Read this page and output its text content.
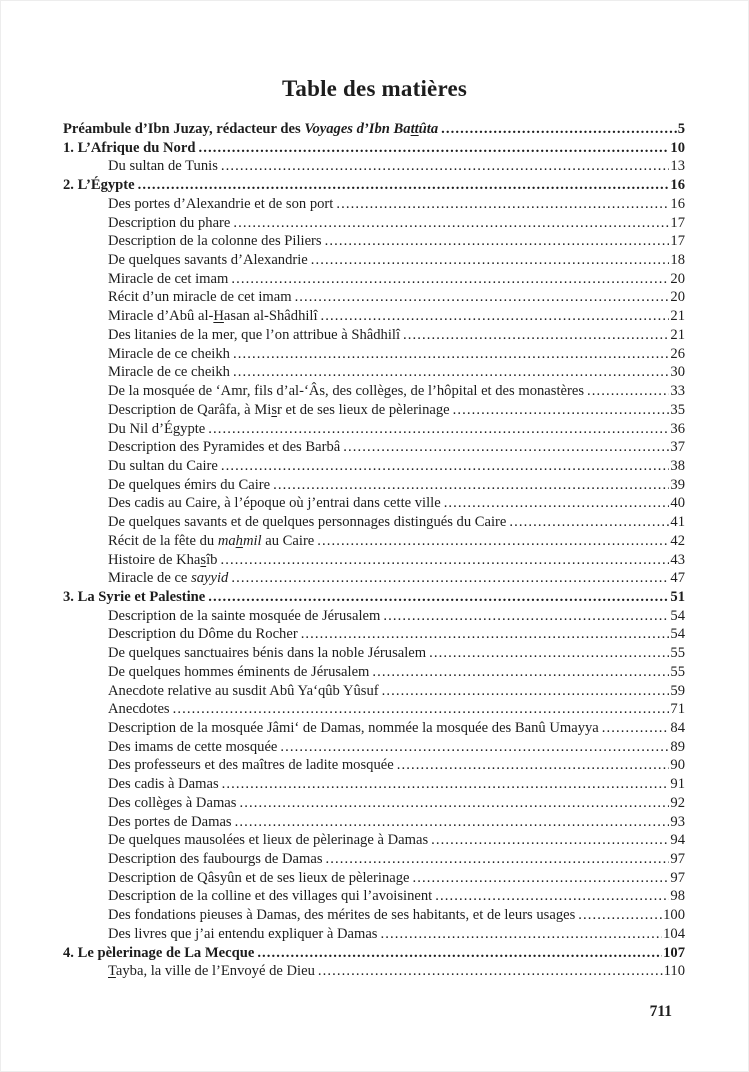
Table des matières
Préambule d’Ibn Juzay, rédacteur des Voyages d’Ibn Battûta .....	5
1. L’Afrique du Nord .....	10
Du sultan de Tunis .....	13
2. L’Égypte .....	16
Des portes d’Alexandrie et de son port .....	16
Description du phare .....	17
Description de la colonne des Piliers .....	17
De quelques savants d’Alexandrie .....	18
Miracle de cet imam .....	20
Récit d’un miracle de cet imam .....	20
Miracle d’Abû al-Hasan al-Shâdhilî .....	21
Des litanies de la mer, que l’on attribue à Shâdhilî .....	21
Miracle de ce cheikh .....	26
Miracle de ce cheikh .....	30
De la mosquée de ‘Amr, fils d’al-‘Âs, des collèges, de l’hôpital et des monastères .....	33
Description de Qarâfa, à Misr et de ses lieux de pèlerinage .....	35
Du Nil d’Égypte .....	36
Description des Pyramides et des Barbâ .....	37
Du sultan du Caire .....	38
De quelques émirs du Caire .....	39
Des cadis au Caire, à l’époque où j’entrai dans cette ville .....	40
De quelques savants et de quelques personnages distingués du Caire .....	41
Récit de la fête du mahmil au Caire .....	42
Histoire de Khasîb .....	43
Miracle de ce sayyid .....	47
3. La Syrie et Palestine .....	51
Description de la sainte mosquée de Jérusalem .....	54
Description du Dôme du Rocher .....	54
De quelques sanctuaires bénis dans la noble Jérusalem .....	55
De quelques hommes éminents de Jérusalem .....	55
Anecdote relative au susdit Abû Ya‘qûb Yûsuf .....	59
Anecdotes .....	71
Description de la mosquée Jâmi‘ de Damas, nommée la mosquée des Banû Umayya .....	84
Des imams de cette mosquée .....	89
Des professeurs et des maîtres de ladite mosquée .....	90
Des cadis à Damas .....	91
Des collèges à Damas .....	92
Des portes de Damas .....	93
De quelques mausolées et lieux de pèlerinage à Damas .....	94
Description des faubourgs de Damas .....	97
Description de Qâsyûn et de ses lieux de pèlerinage .....	97
Description de la colline et des villages qui l’avoisinent .....	98
Des fondations pieuses à Damas, des mérites de ses habitants, et de leurs usages .....	100
Des livres que j’ai entendu expliquer à Damas .....	104
4. Le pèlerinage de La Mecque .....	107
Tayba, la ville de l’Envoyé de Dieu .....	110
711
